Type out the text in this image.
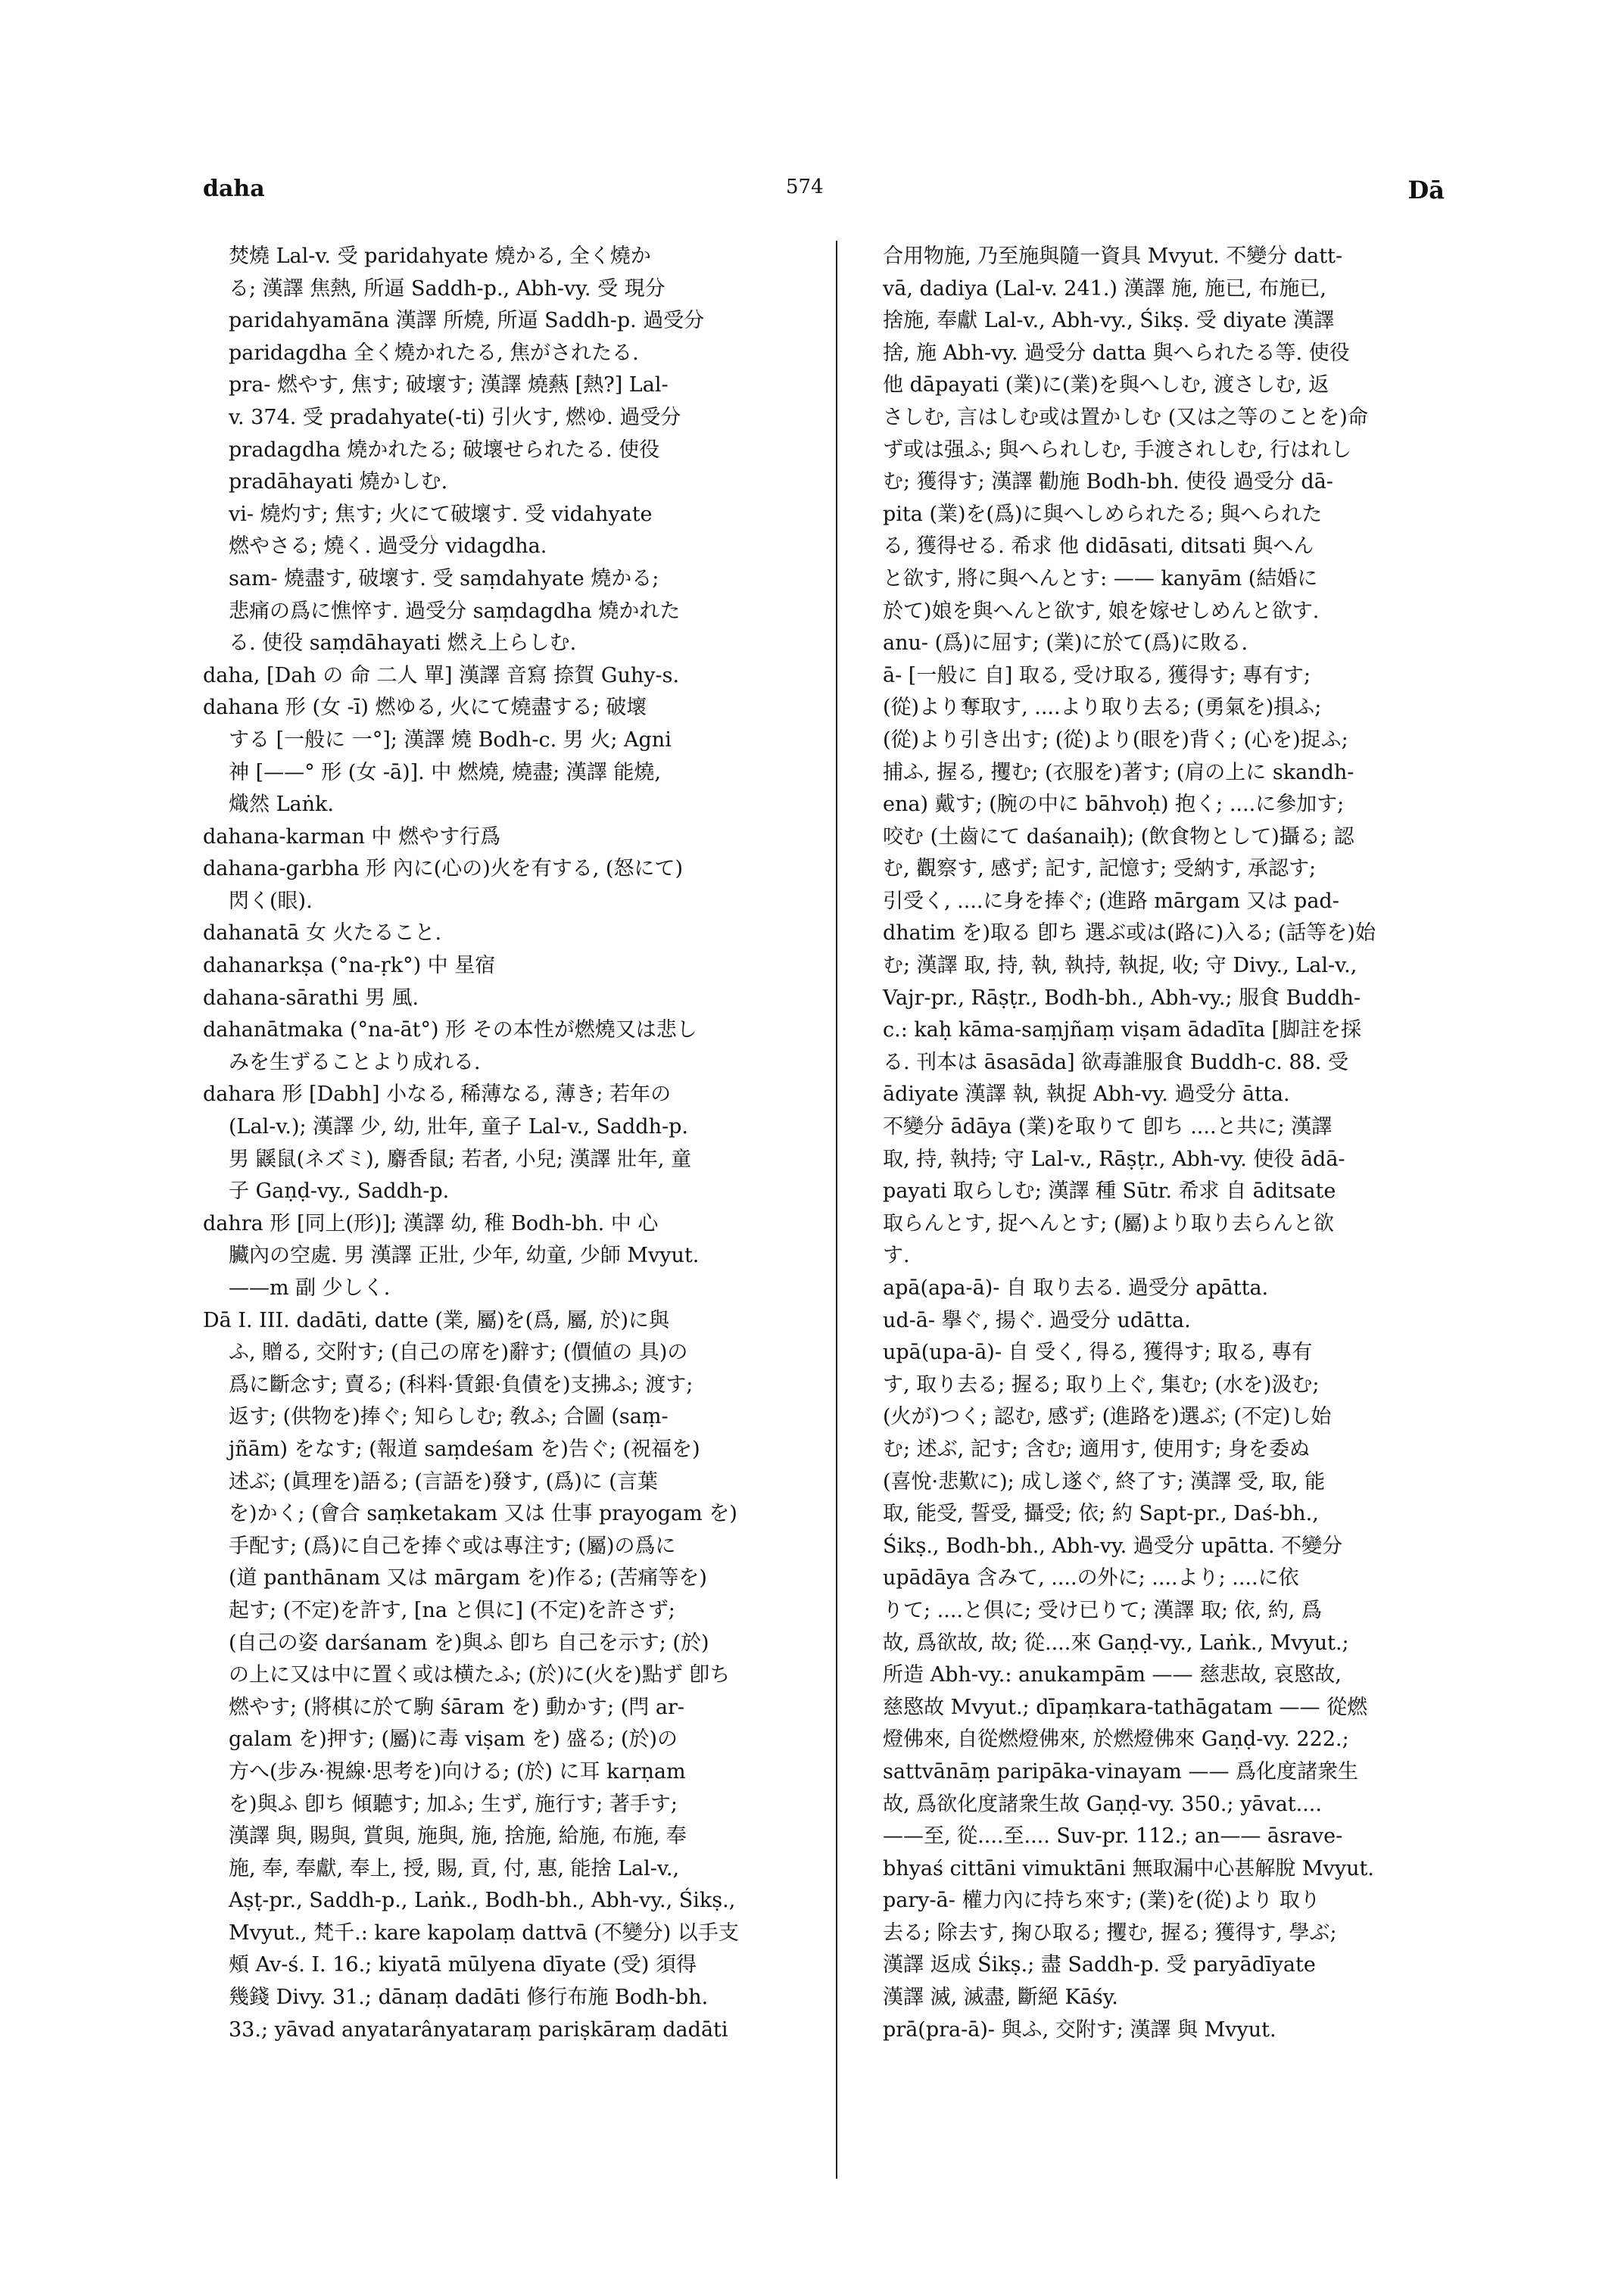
daha	574	Dā
焚燒 Lal-v. 受 paridahyate 燒かる, 全く燒か
る; 漢譯 焦熱, 所逼 Saddh-p., Abh-vy. 受 現分
paridahyamāna 漢譯 所燒, 所逼 Saddh-p. 過受分
paridagdha 全く燒かれたる, 焦がされたる.
pra- 燃やす, 焦す; 破壞す; 漢譯 燒爇 [熱?] Lal-
v. 374. 受 pradahyate(-ti) 引火す, 燃ゆ. 過受分
pradagdha 燒かれたる; 破壞せられたる. 使役
pradāhayati 燒かしむ.
vi- 燒灼す; 焦す; 火にて破壞す. 受 vidahyate
燃やさる; 燒く. 過受分 vidagdha.
sam- 燒盡す, 破壞す. 受 saṃdahyate 燒かる;
悲痛の爲に憔悴す. 過受分 saṃdagdha 燒かれた
る. 使役 saṃdāhayati 燃え上らしむ.
daha, [Dah の 命 二人 單] 漢譯 音寫 捺賀 Guhy-s.
dahana 形 (女 -ī) 燃ゆる, 火にて燒盡する; 破壞
する [一般に 一°]; 漢譯 燒 Bodh-c. 男 火; Agni
神 [——° 形 (女 -ā)]. 中 燃燒, 燒盡; 漢譯 能燒,
熾然 Laṅk.
dahana-karman 中 燃やす行爲
dahana-garbha 形 內に(心の)火を有する, (怒にて)
閃く(眼).
dahanatā 女 火たること.
dahanarkṣa (°na-ṛk°) 中 星宿
dahana-sārathi 男 風.
dahanātmaka (°na-āt°) 形 その本性が燃燒又は悲し
みを生ずることより成れる.
dahara 形 [Dabh] 小なる, 稀薄なる, 薄き; 若年の
(Lal-v.); 漢譯 少, 幼, 壯年, 童子 Lal-v., Saddh-p.
男 鼷鼠(ネズミ), 麝香鼠; 若者, 小兒; 漢譯 壯年, 童
子 Gaṇḍ-vy., Saddh-p.
dahra 形 [同上(形)]; 漢譯 幼, 稚 Bodh-bh. 中 心
臟內の空處. 男 漢譯 正壯, 少年, 幼童, 少師 Mvyut.
——m 副 少しく.
Dā I. III. dadāti, datte (業, 屬)を(爲, 屬, 於)に與
ふ, 贈る, 交附す; (自己の席を)辭す; (價値の 具)の
爲に斷念す; 賣る; (科料·賃銀·負債を)支拂ふ; 渡す;
返す; (供物を)捧ぐ; 知らしむ; 敎ふ; 合圖 (saṃ-
jñām) をなす; (報道 saṃdeśam を)告ぐ; (祝福を)
述ぶ; (眞理を)語る; (言語を)發す, (爲)に (言葉
を)かく; (會合 saṃketakam 又は 仕事 prayogam を)
手配す; (爲)に自己を捧ぐ或は專注す; (屬)の爲に
(道 panthānam 又は mārgam を)作る; (苦痛等を)
起す; (不定)を許す, [na と倶に] (不定)を許さず;
(自己の姿 darśanam を)與ふ 卽ち 自己を示す; (於)
の上に又は中に置く或は横たふ; (於)に(火を)點ず 卽ち
燃やす; (將棋に於て駒 śāram を) 動かす; (閂 ar-
galam を)押す; (屬)に毒 viṣam を) 盛る; (於)の
方へ(步み·視線·思考を)向ける; (於) に耳 karṇam
を)與ふ 卽ち 傾聽す; 加ふ; 生ず, 施行す; 著手す;
漢譯 與, 賜與, 賞與, 施與, 施, 捨施, 給施, 布施, 奉
施, 奉, 奉獻, 奉上, 授, 賜, 貢, 付, 惠, 能捨 Lal-v.,
Aṣṭ-pr., Saddh-p., Laṅk., Bodh-bh., Abh-vy., Śikṣ.,
Mvyut., 梵千.: kare kapolaṃ dattvā (不變分) 以手支
頰 Av-ś. I. 16.; kiyatā mūlyena dīyate (受) 須得
幾錢 Divy. 31.; dānaṃ dadāti 修行布施 Bodh-bh.
33.; yāvad anyatarânyataraṃ pariṣkāraṃ dadāti
合用物施, 乃至施與隨一資具 Mvyut. 不變分 datt-
vā, dadiya (Lal-v. 241.) 漢譯 施, 施已, 布施已,
捨施, 奉獻 Lal-v., Abh-vy., Śikṣ. 受 diyate 漢譯
捨, 施 Abh-vy. 過受分 datta 與へられたる等. 使役
他 dāpayati (業)に(業)を與へしむ, 渡さしむ, 返
さしむ, 言はしむ或は置かしむ (又は之等のことを)命
ず或は强ふ; 與へられしむ, 手渡されしむ, 行はれし
む; 獲得す; 漢譯 勸施 Bodh-bh. 使役 過受分 dā-
pita (業)を(爲)に與へしめられたる; 與へられた
る, 獲得せる. 希求 他 didāsati, ditsati 與へん
と欲す, 將に與へんとす: —— kanyām (結婚に
於て)娘を與へんと欲す, 娘を嫁せしめんと欲す.
anu- (爲)に屈す; (業)に於て(爲)に敗る.
ā- [一般に 自] 取る, 受け取る, 獲得す; 專有す;
(從)より奪取す, ....より取り去る; (勇氣を)損ふ;
(從)より引き出す; (從)より(眼を)背く; (心を)捉ふ;
捕ふ, 握る, 攫む; (衣服を)著す; (肩の上に skandh-
ena) 戴す; (腕の中に bāhvoḥ) 抱く; ....に參加す;
咬む (土齒にて daśanaiḥ); (飲食物として)攝る; 認
む, 觀察す, 感ず; 記す, 記憶す; 受納す, 承認す;
引受く, ....に身を捧ぐ; (進路 mārgam 又は pad-
dhatim を)取る 卽ち 選ぶ或は(路に)入る; (話等を)始
む; 漢譯 取, 持, 執, 執持, 執捉, 收; 守 Divy., Lal-v.,
Vajr-pr., Rāṣṭr., Bodh-bh., Abh-vy.; 服食 Buddh-
c.: kaḥ kāma-saṃjñaṃ viṣam ādadīta [脚註を採
る. 刊本は āsasāda] 欲毒誰服食 Buddh-c. 88. 受
ādiyate 漢譯 執, 執捉 Abh-vy. 過受分 ātta.
不變分 ādāya (業)を取りて 卽ち ....と共に; 漢譯
取, 持, 執持; 守 Lal-v., Rāṣṭr., Abh-vy. 使役 ādā-
payati 取らしむ; 漢譯 種 Sūtr. 希求 自 āditsate
取らんとす, 捉へんとす; (屬)より取り去らんと欲
す.
apā(apa-ā)- 自 取り去る. 過受分 apātta.
ud-ā- 擧ぐ, 揚ぐ. 過受分 udātta.
upā(upa-ā)- 自 受く, 得る, 獲得す; 取る, 專有
す, 取り去る; 握る; 取り上ぐ, 集む; (水を)汲む;
(火が)つく; 認む, 感ず; (進路を)選ぶ; (不定)し始
む; 述ぶ, 記す; 含む; 適用す, 使用す; 身を委ぬ
(喜悅·悲歎に); 成し遂ぐ, 終了す; 漢譯 受, 取, 能
取, 能受, 誓受, 攝受; 依; 約 Sapt-pr., Daś-bh.,
Śikṣ., Bodh-bh., Abh-vy. 過受分 upātta. 不變分
upādāya 含みて, ....の外に; ....より; ....に依
りて; ....と倶に; 受け已りて; 漢譯 取; 依, 約, 爲
故, 爲欲故, 故; 從....來 Gaṇḍ-vy., Laṅk., Mvyut.;
所造 Abh-vy.: anukampām —— 慈悲故, 哀愍故,
慈愍故 Mvyut.; dīpaṃkara-tathāgatam —— 從燃
燈佛來, 自從燃燈佛來, 於燃燈佛來 Gaṇḍ-vy. 222.;
sattvānāṃ paripāka-vinayam —— 爲化度諸衆生
故, 爲欲化度諸衆生故 Gaṇḍ-vy. 350.; yāvat....
——至, 從....至.... Suv-pr. 112.; an—— āsrave-
bhyaś cittāni vimuktāni 無取漏中心甚解脫 Mvyut.
pary-ā- 權力內に持ち來す; (業)を(從)より 取り
去る; 除去す, 掬ひ取る; 攫む, 握る; 獲得す, 學ぶ;
漢譯 返成 Śikṣ.; 盡 Saddh-p. 受 paryādīyate
漢譯 滅, 滅盡, 斷絕 Kāśy.
prā(pra-ā)- 與ふ, 交附す; 漢譯 與 Mvyut.
